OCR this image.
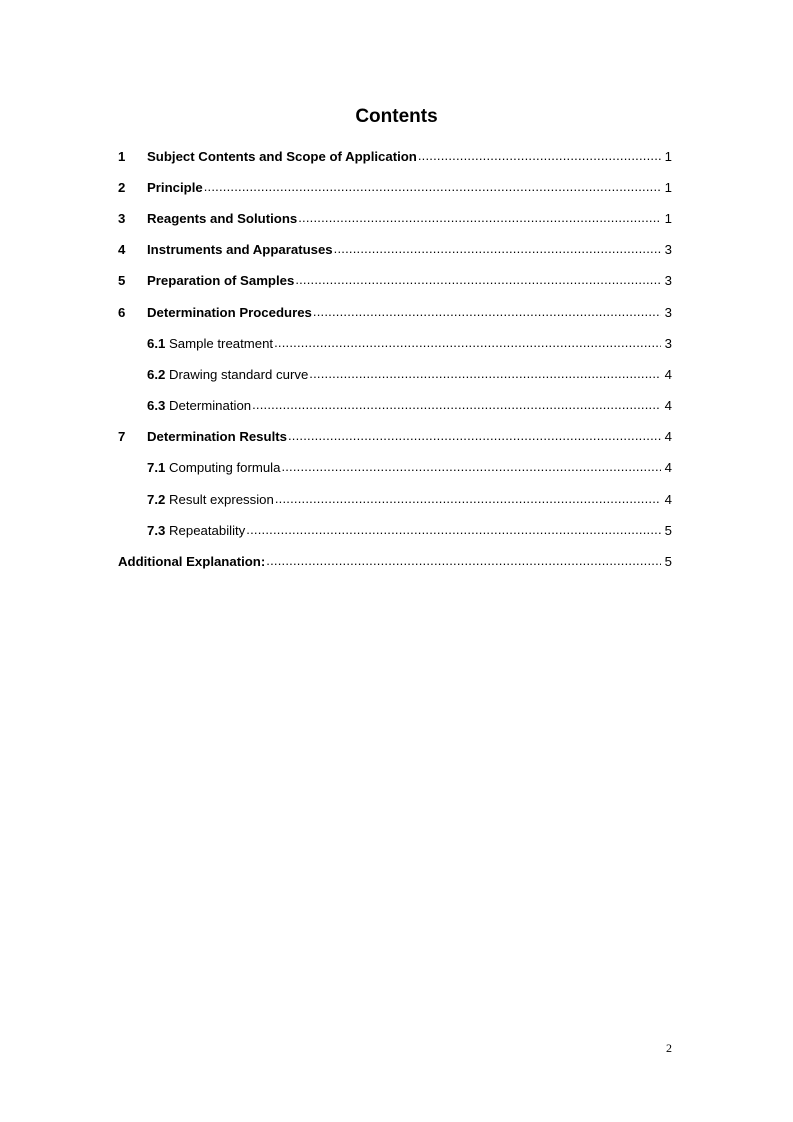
Contents
1	Subject Contents and Scope of Application .....	1
2	Principle .....	1
3	Reagents and Solutions .....	1
4	Instruments and Apparatuses .....	3
5	Preparation of Samples .....	3
6	Determination Procedures .....	3
6.1 Sample treatment .....	3
6.2 Drawing standard curve .....	4
6.3 Determination .....	4
7	Determination Results .....	4
7.1 Computing formula .....	4
7.2 Result expression .....	4
7.3 Repeatability .....	5
Additional Explanation: .....	5
2
